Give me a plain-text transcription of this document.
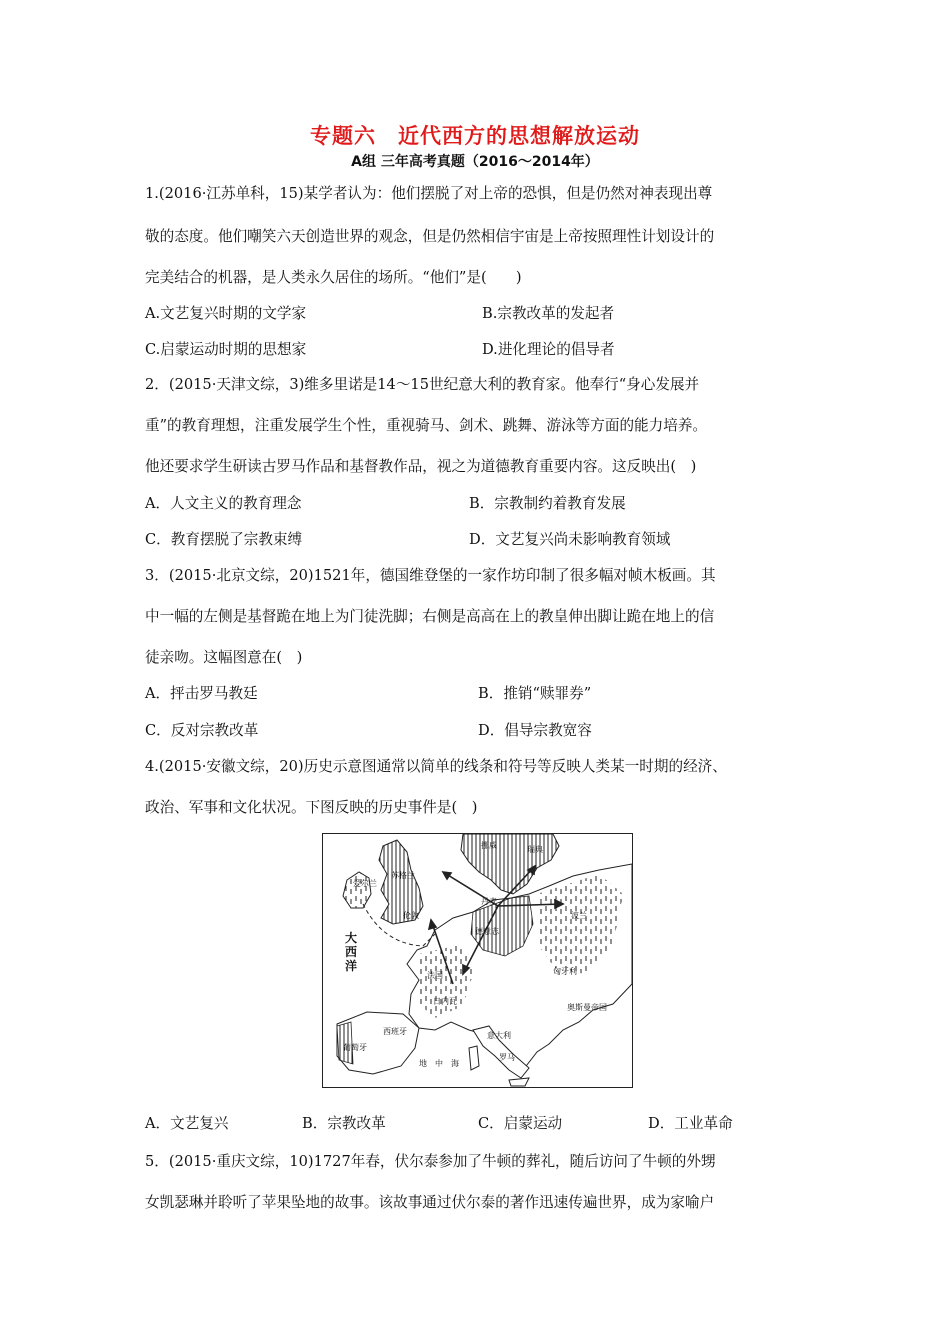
专题六　近代西方的思想解放运动
A组 三年高考真题（2016～2014年）
1.(2016·江苏单科，15)某学者认为：他们摆脱了对上帝的恐惧，但是仍然对神表现出尊
敬的态度。他们嘲笑六天创造世界的观念，但是仍然相信宇宙是上帝按照理性计划设计的
完美结合的机器，是人类永久居住的场所。“他们”是(　　)
A.文艺复兴时期的文学家	B.宗教改革的发起者
C.启蒙运动时期的思想家	D.进化理论的倡导者
2．(2015·天津文综，3)维多里诺是14～15世纪意大利的教育家。他奉行“身心发展并
重”的教育理想，注重发展学生个性，重视骑马、剑术、跳舞、游泳等方面的能力培养。
他还要求学生研读古罗马作品和基督教作品，视之为道德教育重要内容。这反映出(　)
A．人文主义的教育理念	B．宗教制约着教育发展
C．教育摆脱了宗教束缚	D．文艺复兴尚未影响教育领域
3．(2015·北京文综，20)1521年，德国维登堡的一家作坊印制了很多幅对帧木板画。其
中一幅的左侧是基督跪在地上为门徒洗脚；右侧是高高在上的教皇伸出脚让跪在地上的信
徒亲吻。这幅图意在(　)
A．抨击罗马教廷	B．推销“赎罪券”
C．反对宗教改革	D．倡导宗教宽容
4.(2015·安徽文综，20)历史示意图通常以简单的线条和符号等反映人类某一时期的经济、
政治、军事和文化状况。下图反映的历史事件是(　)
大
挪威	瑞典
爱尔兰
苏格兰
伦敦
丹麦
德意志
波兰
法国
日内瓦
匈牙利
葡萄牙
西班牙	意大利
罗马
奥斯曼帝国
地　中　海
西
洋
A．文艺复兴	B．宗教改革	C．启蒙运动	D．工业革命
5．(2015·重庆文综，10)1727年春，伏尔泰参加了牛顿的葬礼，随后访问了牛顿的外甥
女凯瑟琳并聆听了苹果坠地的故事。该故事通过伏尔泰的著作迅速传遍世界，成为家喻户
